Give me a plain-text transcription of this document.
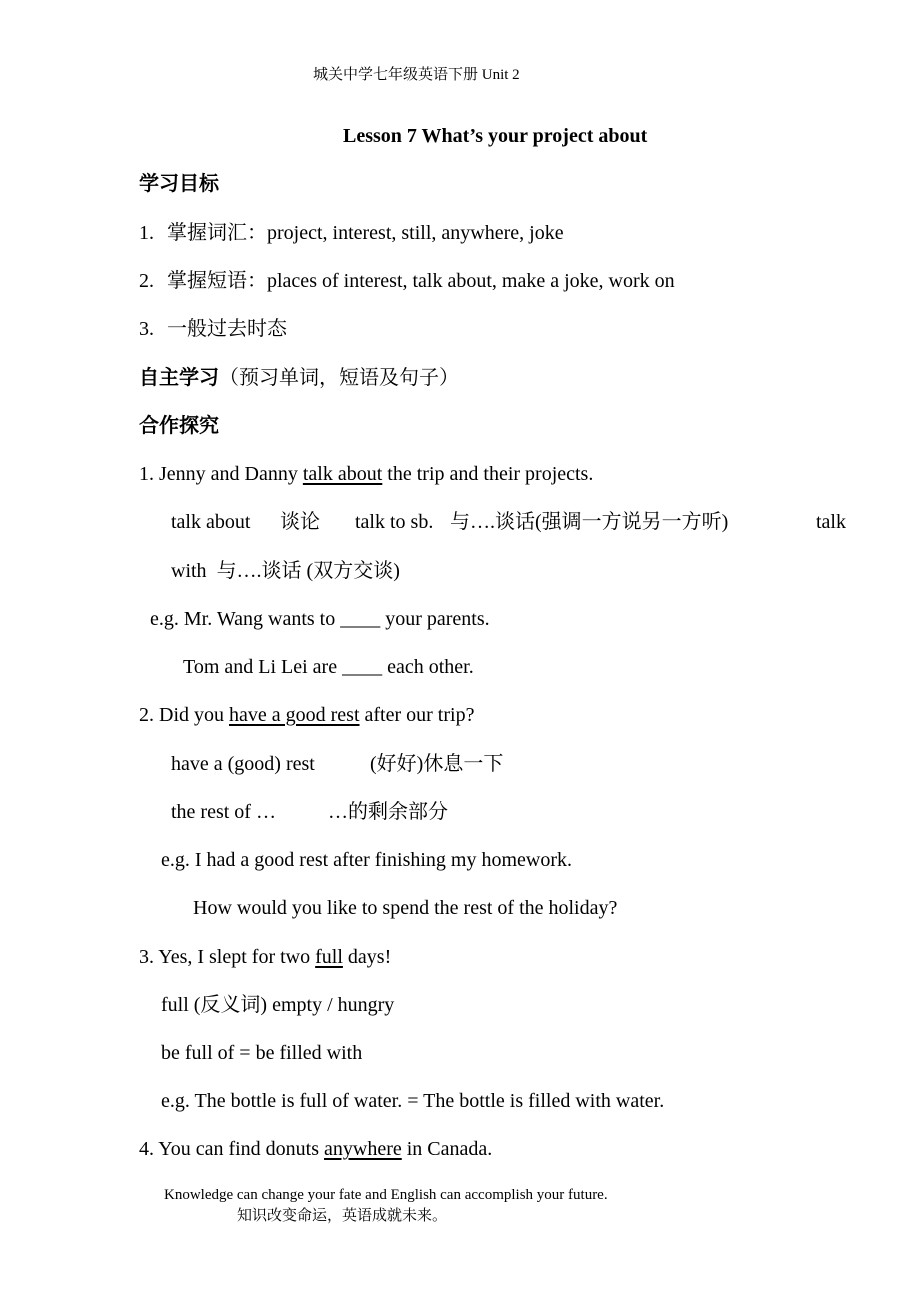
城关中学七年级英语下册 Unit 2
Lesson 7 What’s your project about
学习目标
1. 掌握词汇：project, interest, still, anywhere, joke
2. 掌握短语：places of interest, talk about, make a joke, work on
3. 一般过去时态
自主学习（预习单词，短语及句子）
合作探究
1. Jenny and Danny talk about the trip and their projects.
talk about 谈论 talk to sb. 与….谈话(强调一方说另一方听)	talk
with 与….谈话 (双方交谈)
e.g. Mr. Wang wants to ____ your parents.
Tom and Li Lei are ____ each other.
2. Did you have a good rest after our trip?
have a (good) rest	(好好)休息一下
the rest of …	…的剩余部分
e.g. I had a good rest after finishing my homework.
How would you like to spend the rest of the holiday?
3. Yes, I slept for two full days!
full (反义词) empty / hungry
be full of = be filled with
e.g. The bottle is full of water. = The bottle is filled with water.
4. You can find donuts anywhere in Canada.
Knowledge can change your fate and English can accomplish your future.
知识改变命运，英语成就未来。
